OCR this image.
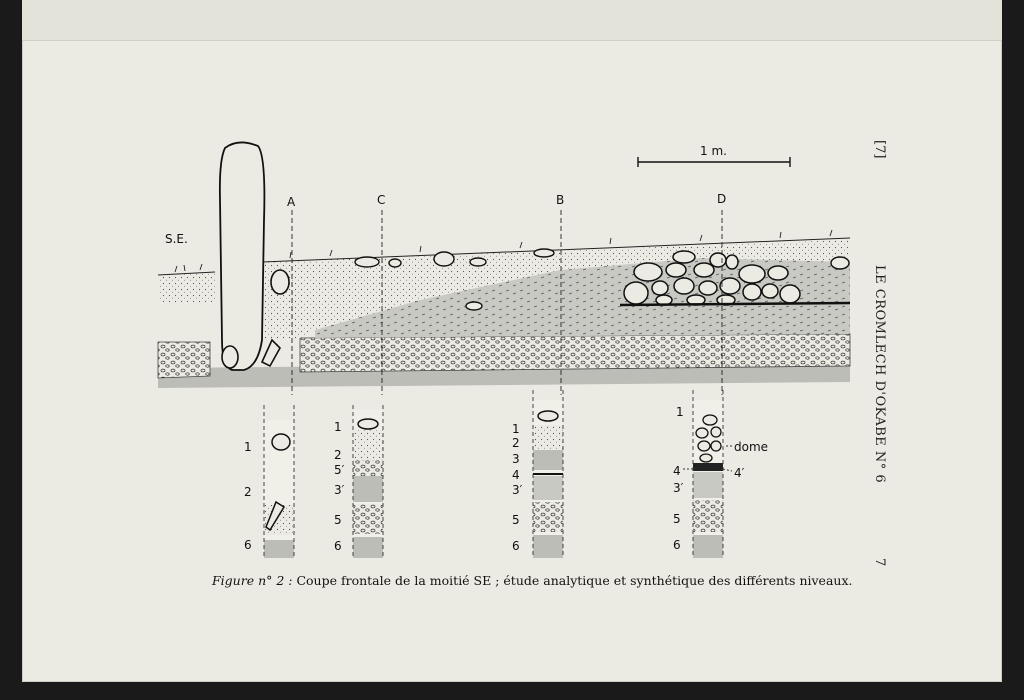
1 m.
A	C	B	D
S.E.
1
2
6
1
2
5′
3′
5
6
1
2
3
4
3′
5
6
1
4
3′
5
6
dome
4′
[7]
LE CROMLECH D'OKABE N° 6
7
Figure n° 2 : Coupe frontale de la moitié SE ; étude analytique et synthétique des différents niveaux.
